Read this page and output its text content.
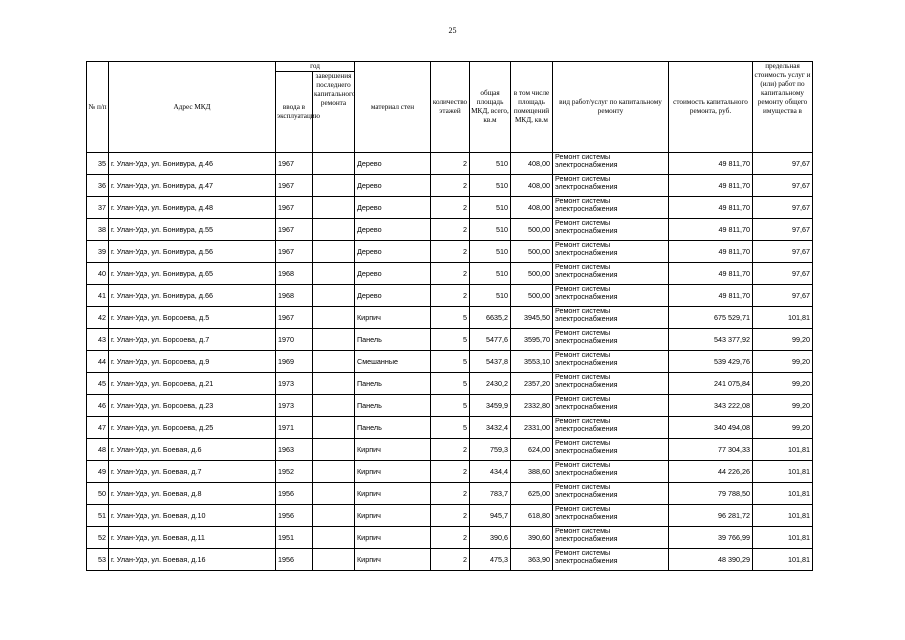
25
№ п/п	Адрес МКД	год		материал стен	количество этажей	общая площадь МКД, всего, кв.м	в том числе площадь помещений МКД, кв.м	вид работ/услуг по капитальному ремонту	стоимость капитального ремонта, руб.	предельная стоимость услуг и (или) работ по капитальному ремонту общего имущества в
		ввода в эксплуатацию	завершения последнего капитального ремонта							
35	г. Улан-Удэ, ул. Бонивура, д.46	1967		Дерево	2	510	408,00	Ремонт системы электроснабжения	49 811,70	97,67
36	г. Улан-Удэ, ул. Бонивура, д.47	1967		Дерево	2	510	408,00	Ремонт системы электроснабжения	49 811,70	97,67
37	г. Улан-Удэ, ул. Бонивура, д.48	1967		Дерево	2	510	408,00	Ремонт системы электроснабжения	49 811,70	97,67
38	г. Улан-Удэ, ул. Бонивура, д.55	1967		Дерево	2	510	500,00	Ремонт системы электроснабжения	49 811,70	97,67
39	г. Улан-Удэ, ул. Бонивура, д.56	1967		Дерево	2	510	500,00	Ремонт системы электроснабжения	49 811,70	97,67
40	г. Улан-Удэ, ул. Бонивура, д.65	1968		Дерево	2	510	500,00	Ремонт системы электроснабжения	49 811,70	97,67
41	г. Улан-Удэ, ул. Бонивура, д.66	1968		Дерево	2	510	500,00	Ремонт системы электроснабжения	49 811,70	97,67
42	г. Улан-Удэ, ул. Борсоева, д.5	1967		Кирпич	5	6635,2	3945,50	Ремонт системы электроснабжения	675 529,71	101,81
43	г. Улан-Удэ, ул. Борсоева, д.7	1970		Панель	5	5477,6	3595,70	Ремонт системы электроснабжения	543 377,92	99,20
44	г. Улан-Удэ, ул. Борсоева, д.9	1969		Смешанные	5	5437,8	3553,10	Ремонт системы электроснабжения	539 429,76	99,20
45	г. Улан-Удэ, ул. Борсоева, д.21	1973		Панель	5	2430,2	2357,20	Ремонт системы электроснабжения	241 075,84	99,20
46	г. Улан-Удэ, ул. Борсоева, д.23	1973		Панель	5	3459,9	2332,80	Ремонт системы электроснабжения	343 222,08	99,20
47	г. Улан-Удэ, ул. Борсоева, д.25	1971		Панель	5	3432,4	2331,00	Ремонт системы электроснабжения	340 494,08	99,20
48	г. Улан-Удэ, ул. Боевая, д.6	1963		Кирпич	2	759,3	624,00	Ремонт системы электроснабжения	77 304,33	101,81
49	г. Улан-Удэ, ул. Боевая, д.7	1952		Кирпич	2	434,4	388,60	Ремонт системы электроснабжения	44 226,26	101,81
50	г. Улан-Удэ, ул. Боевая, д.8	1956		Кирпич	2	783,7	625,00	Ремонт системы электроснабжения	79 788,50	101,81
51	г. Улан-Удэ, ул. Боевая, д.10	1956		Кирпич	2	945,7	618,80	Ремонт системы электроснабжения	96 281,72	101,81
52	г. Улан-Удэ, ул. Боевая, д.11	1951		Кирпич	2	390,6	390,60	Ремонт системы электроснабжения	39 766,99	101,81
53	г. Улан-Удэ, ул. Боевая, д.16	1956		Кирпич	2	475,3	363,90	Ремонт системы электроснабжения	48 390,29	101,81
